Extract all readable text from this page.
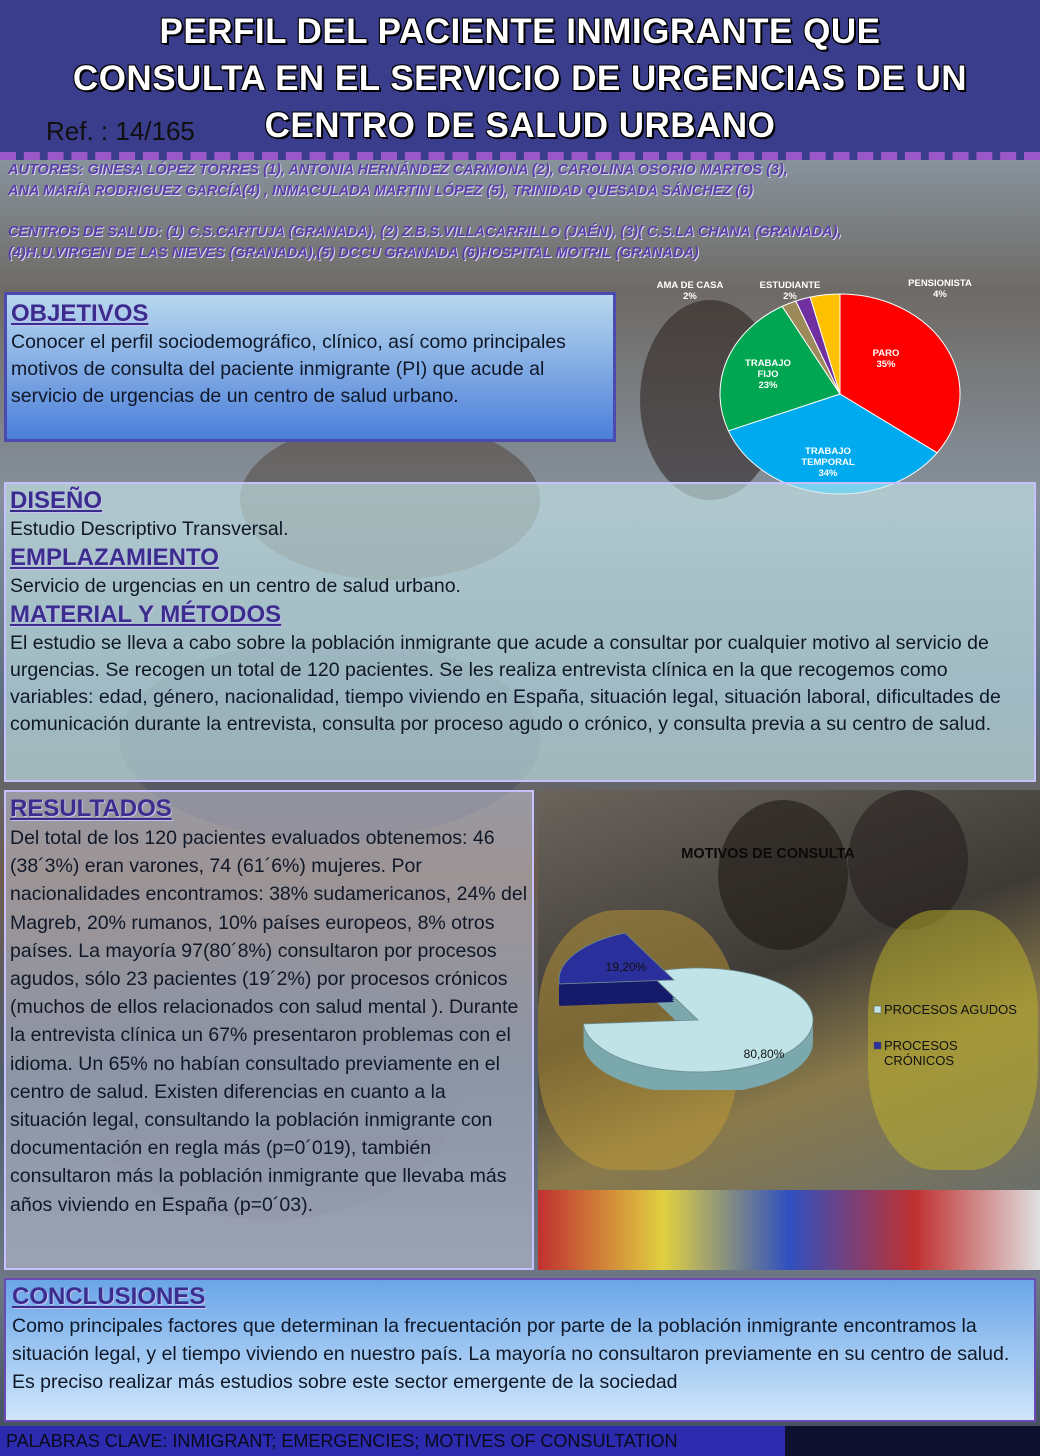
PERFIL DEL PACIENTE INMIGRANTE QUE
CONSULTA EN EL SERVICIO DE URGENCIAS DE UN
CENTRO DE SALUD URBANO
Ref. : 14/165

AUTORES: GINESA LÓPEZ TORRES (1), ANTONIA HERNÁNDEZ CARMONA (2), CAROLINA OSORIO MARTOS (3),

ANA MARÍA RODRIGUEZ GARCÍA(4) , INMACULADA MARTIN LÓPEZ (5), TRINIDAD QUESADA SÁNCHEZ (6)

CENTROS DE SALUD: (1) C.S.CARTUJA (GRANADA), (2) Z.B.S.VILLACARRILLO (JAÉN), (3)( C.S.LA CHANA (GRANADA),

(4)H.U.VIRGEN DE LAS NIEVES (GRANADA),(5) DCCU GRANADA (6)HOSPITAL MOTRIL (GRANADA)

OBJETIVOS

Conocer el perfil sociodemográfico, clínico, así como principales motivos de consulta del paciente inmigrante (PI) que acude al servicio de urgencias de un centro de salud urbano.

PARO 35%
TRABAJO TEMPORAL 34%
TRABAJO FIJO 23%
AMA DE CASA 2%
ESTUDIANTE 2%
PENSIONISTA 4%
DISEÑO

Estudio Descriptivo Transversal.

EMPLAZAMIENTO

Servicio de urgencias en un centro de salud urbano.

MATERIAL Y MÉTODOS

El estudio se lleva a cabo sobre la población inmigrante que acude a consultar por cualquier motivo al servicio de urgencias. Se recogen un total de 120 pacientes. Se les realiza entrevista clínica en la que recogemos como variables: edad, género, nacionalidad, tiempo viviendo en España, situación legal, situación laboral, dificultades de comunicación durante la entrevista, consulta por proceso agudo o crónico, y consulta previa a su centro de salud.

RESULTADOS

Del total de los 120 pacientes evaluados obtenemos: 46 (38´3%) eran varones, 74 (61´6%) mujeres. Por nacionalidades encontramos: 38% sudamericanos, 24% del Magreb, 20% rumanos, 10% países europeos, 8% otros países. La mayoría 97(80´8%) consultaron por procesos agudos, sólo 23 pacientes (19´2%) por procesos crónicos (muchos de ellos relacionados con salud mental ). Durante la entrevista clínica un 67% presentaron problemas con el idioma. Un 65% no habían consultado previamente en el centro de salud. Existen diferencias en cuanto a la situación legal, consultando la población inmigrante con documentación en regla más (p=0´019), también consultaron más la población inmigrante que llevaba más años viviendo en España (p=0´03).

MOTIVOS DE CONSULTA
80,80%
19,20%
PROCESOS AGUDOS
PROCESOS CRÓNICOS
CONCLUSIONES

Como principales factores que determinan la frecuentación por parte de la población inmigrante encontramos la situación legal, y el tiempo viviendo en nuestro país. La mayoría no consultaron previamente en su centro de salud. Es preciso realizar más estudios sobre este sector emergente de la sociedad

PALABRAS CLAVE: INMIGRANT; EMERGENCIES; MOTIVES OF CONSULTATION
